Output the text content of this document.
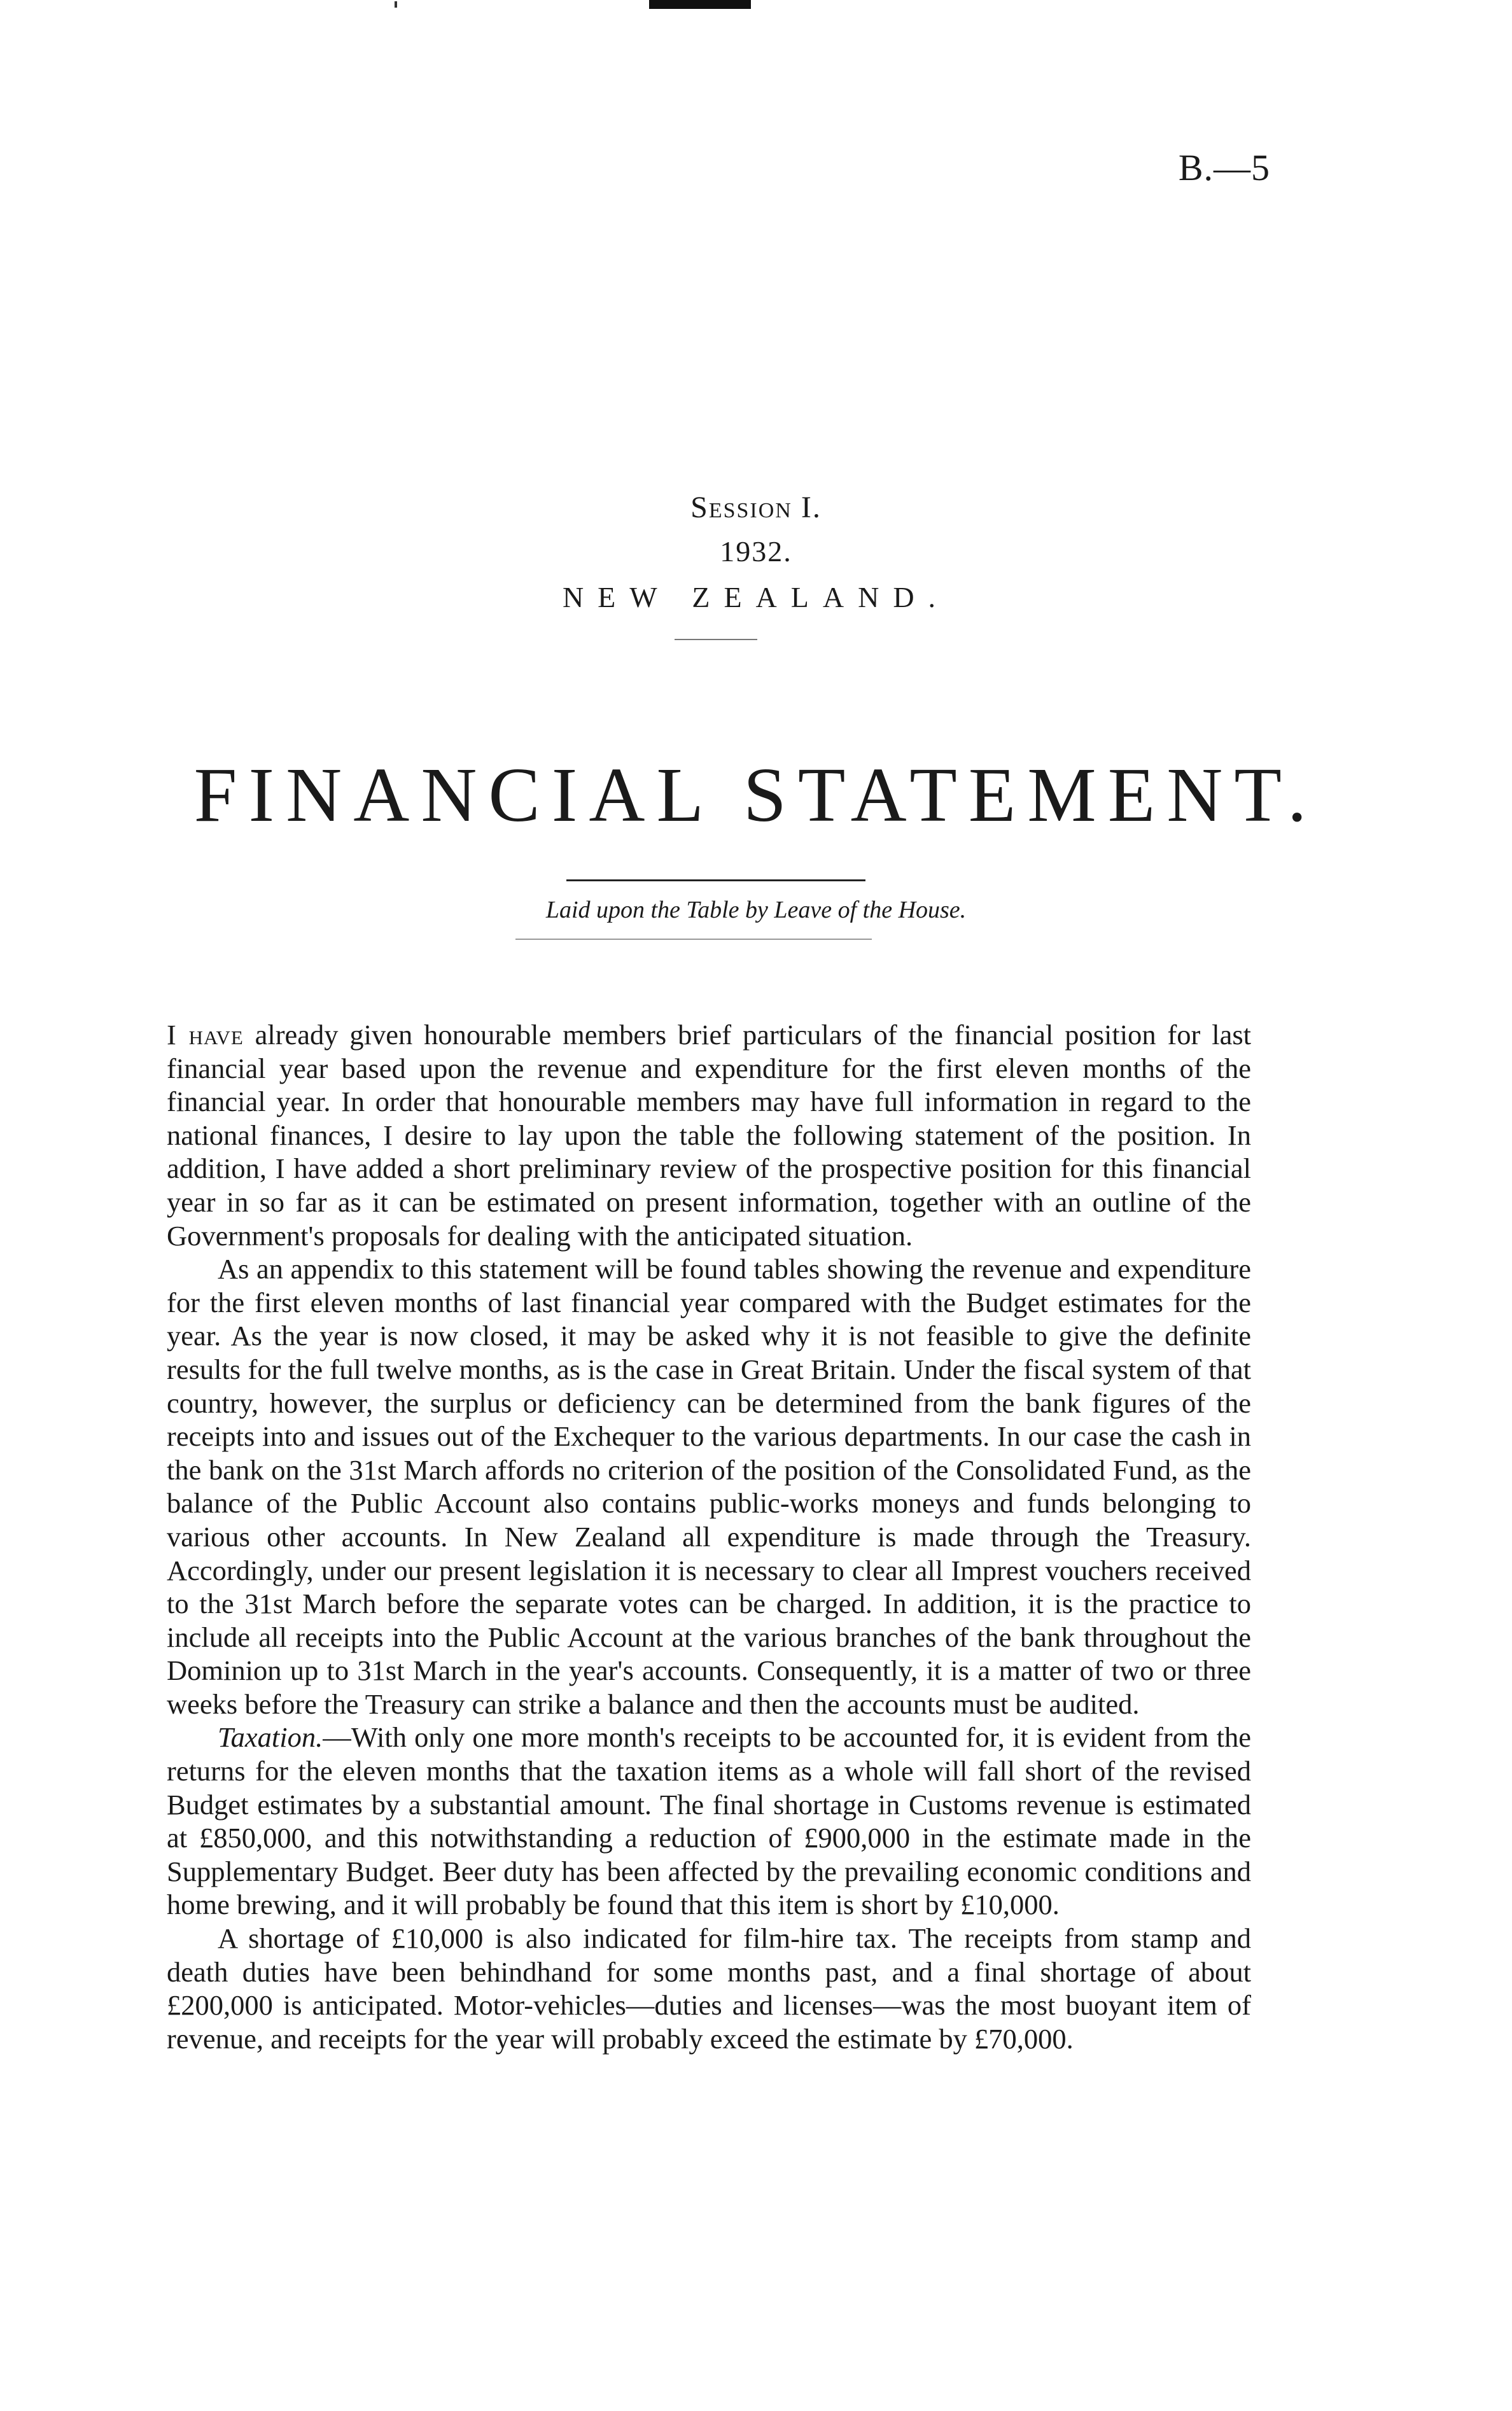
B.—5
Session I.
1932.
NEW ZEALAND.
FINANCIAL STATEMENT.
Laid upon the Table by Leave of the House.

I have already given honourable members brief particulars of the financial position for last financial year based upon the revenue and expenditure for the first eleven months of the financial year. In order that honourable members may have full information in regard to the national finances, I desire to lay upon the table the following statement of the position. In addition, I have added a short preliminary review of the prospective position for this financial year in so far as it can be estimated on present information, together with an outline of the Government's proposals for dealing with the anticipated situation.

As an appendix to this statement will be found tables showing the revenue and expenditure for the first eleven months of last financial year compared with the Budget estimates for the year. As the year is now closed, it may be asked why it is not feasible to give the definite results for the full twelve months, as is the case in Great Britain. Under the fiscal system of that country, however, the surplus or deficiency can be determined from the bank figures of the receipts into and issues out of the Exchequer to the various departments. In our case the cash in the bank on the 31st March affords no criterion of the position of the Consolidated Fund, as the balance of the Public Account also contains public-works moneys and funds belonging to various other accounts. In New Zealand all expenditure is made through the Treasury. Accordingly, under our present legislation it is necessary to clear all Imprest vouchers received to the 31st March before the separate votes can be charged. In addition, it is the practice to include all receipts into the Public Account at the various branches of the bank throughout the Dominion up to 31st March in the year's accounts. Consequently, it is a matter of two or three weeks before the Treasury can strike a balance and then the accounts must be audited.

Taxation.—With only one more month's receipts to be accounted for, it is evident from the returns for the eleven months that the taxation items as a whole will fall short of the revised Budget estimates by a substantial amount. The final shortage in Customs revenue is estimated at £850,000, and this notwithstanding a reduction of £900,000 in the estimate made in the Supplementary Budget. Beer duty has been affected by the prevailing economic conditions and home brewing, and it will probably be found that this item is short by £10,000.

A shortage of £10,000 is also indicated for film-hire tax. The receipts from stamp and death duties have been behindhand for some months past, and a final shortage of about £200,000 is anticipated. Motor-vehicles—duties and licenses—was the most buoyant item of revenue, and receipts for the year will probably exceed the estimate by £70,000.
